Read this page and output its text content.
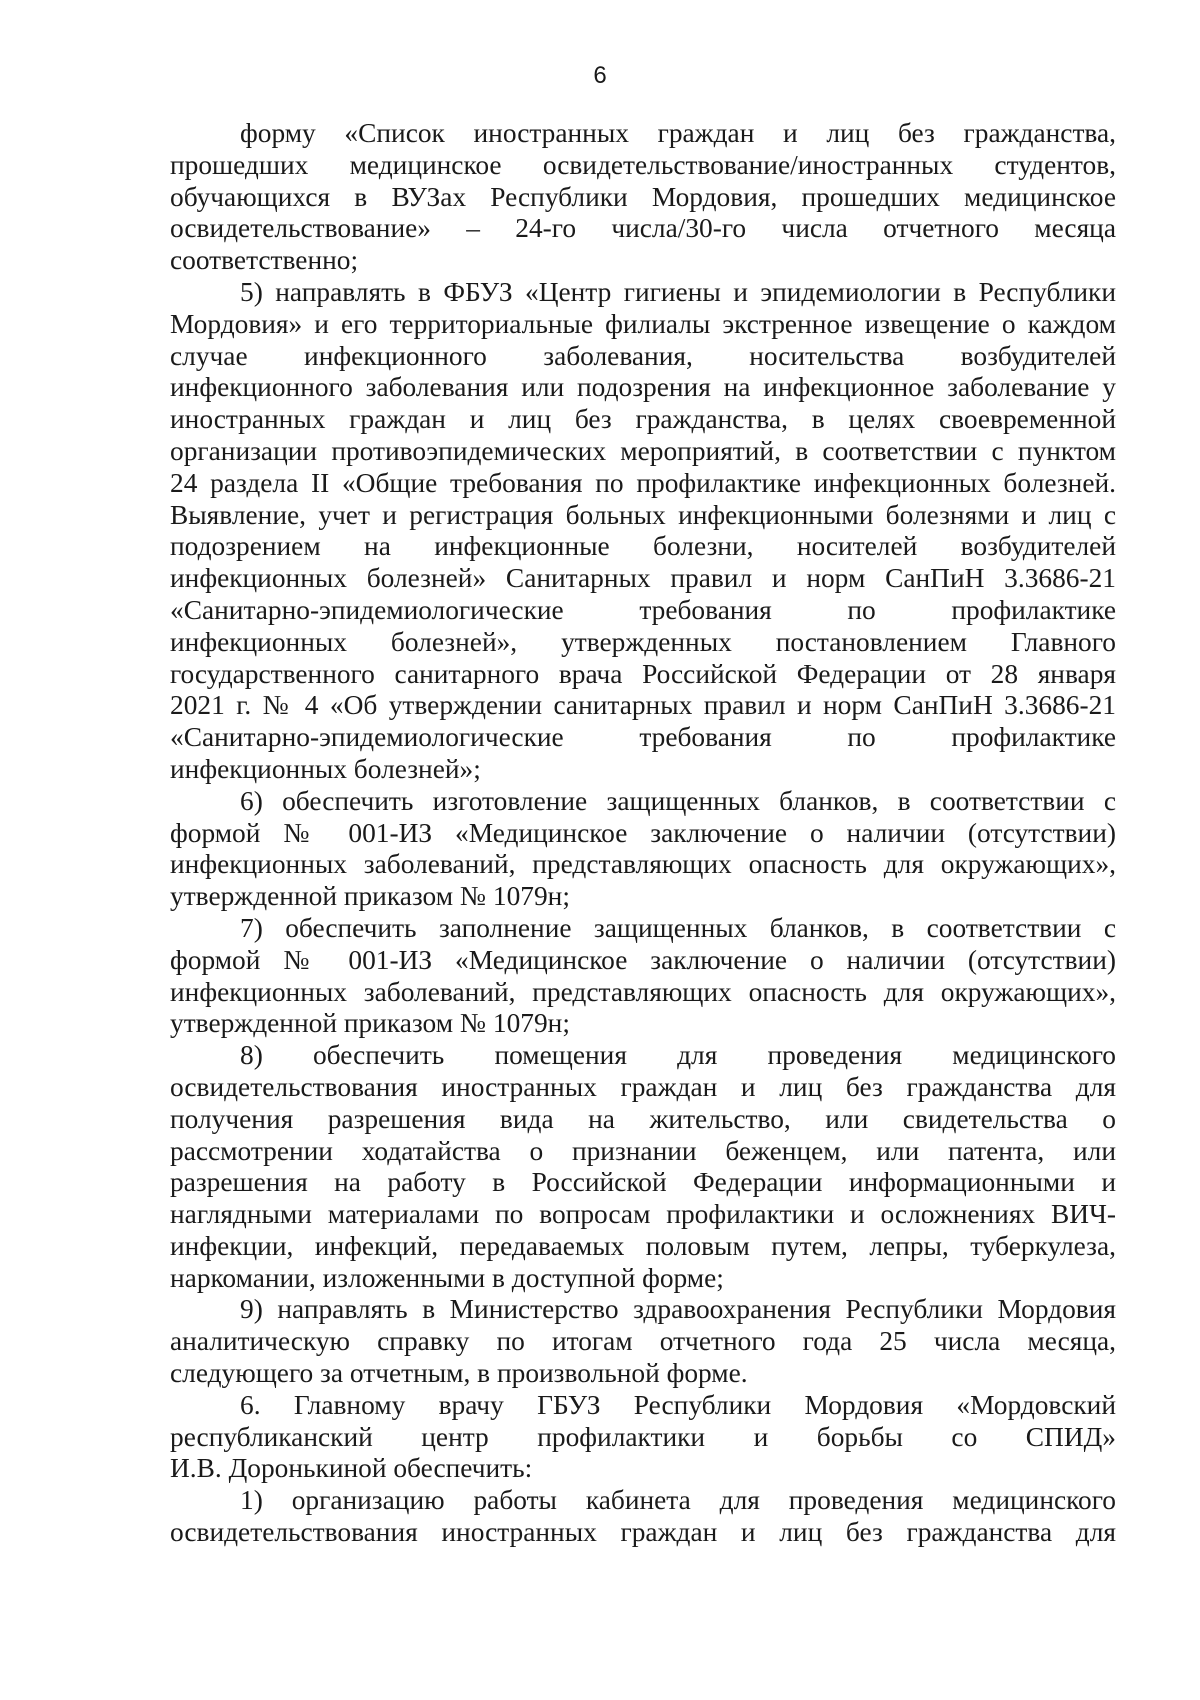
6
форму «Список иностранных граждан и лиц без гражданства,
прошедших медицинское освидетельствование/иностранных студентов,
обучающихся в ВУЗах Республики Мордовия, прошедших медицинское
освидетельствование» – 24-го числа/30-го числа отчетного месяца
соответственно;
5) направлять в ФБУЗ «Центр гигиены и эпидемиологии в Республики
Мордовия» и его территориальные филиалы экстренное извещение о каждом
случае инфекционного заболевания, носительства возбудителей
инфекционного заболевания или подозрения на инфекционное заболевание у
иностранных граждан и лиц без гражданства, в целях своевременной
организации противоэпидемических мероприятий, в соответствии с пунктом
24 раздела II «Общие требования по профилактике инфекционных болезней.
Выявление, учет и регистрация больных инфекционными болезнями и лиц с
подозрением на инфекционные болезни, носителей возбудителей
инфекционных болезней» Санитарных правил и норм СанПиН 3.3686-21
«Санитарно-эпидемиологические требования по профилактике
инфекционных болезней», утвержденных постановлением Главного
государственного санитарного врача Российской Федерации от 28 января
2021 г. № 4 «Об утверждении санитарных правил и норм СанПиН 3.3686-21
«Санитарно-эпидемиологические требования по профилактике
инфекционных болезней»;
6) обеспечить изготовление защищенных бланков, в соответствии с
формой № 001-ИЗ «Медицинское заключение о наличии (отсутствии)
инфекционных заболеваний, представляющих опасность для окружающих»,
утвержденной приказом № 1079н;
7) обеспечить заполнение защищенных бланков, в соответствии с
формой № 001-ИЗ «Медицинское заключение о наличии (отсутствии)
инфекционных заболеваний, представляющих опасность для окружающих»,
утвержденной приказом № 1079н;
8) обеспечить помещения для проведения медицинского
освидетельствования иностранных граждан и лиц без гражданства для
получения разрешения вида на жительство, или свидетельства о
рассмотрении ходатайства о признании беженцем, или патента, или
разрешения на работу в Российской Федерации информационными и
наглядными материалами по вопросам профилактики и осложнениях ВИЧ-
инфекции, инфекций, передаваемых половым путем, лепры, туберкулеза,
наркомании, изложенными в доступной форме;
9) направлять в Министерство здравоохранения Республики Мордовия
аналитическую справку по итогам отчетного года 25 числа месяца,
следующего за отчетным, в произвольной форме.
6. Главному врачу ГБУЗ Республики Мордовия «Мордовский
республиканский центр профилактики и борьбы со СПИД»
И.В. Доронькиной обеспечить:
1) организацию работы кабинета для проведения медицинского
освидетельствования иностранных граждан и лиц без гражданства для
